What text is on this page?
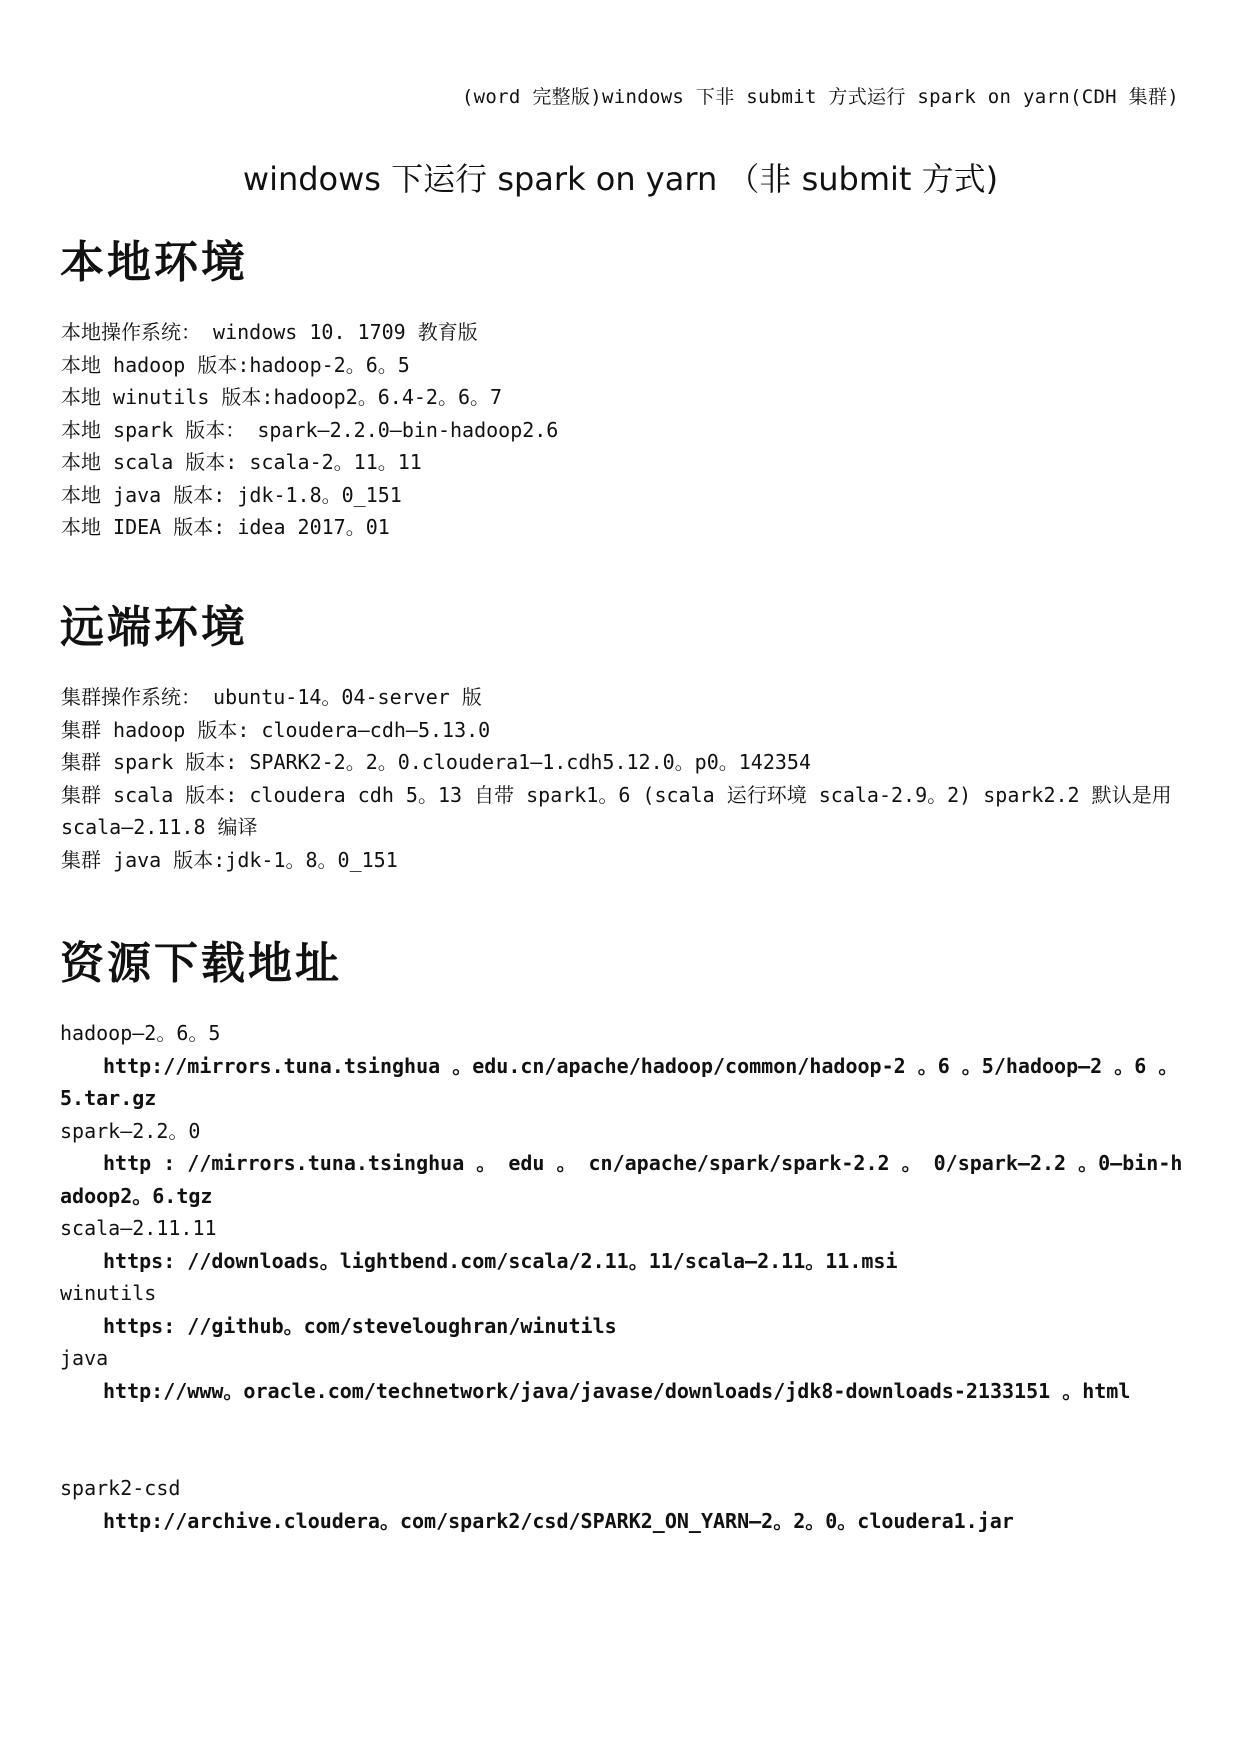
(word 完整版)windows 下非 submit 方式运行 spark on yarn(CDH 集群)
windows 下运行 spark on yarn （非 submit 方式)
本地环境
本地操作系统： windows 10. 1709 教育版
本地 hadoop 版本:hadoop-2。6。5
本地 winutils 版本:hadoop2。6.4-2。6。7
本地 spark 版本： spark—2.2.0—bin-hadoop2.6
本地 scala 版本: scala-2。11。11
本地 java 版本: jdk-1.8。0_151
本地 IDEA 版本: idea 2017。01
远端环境
集群操作系统： ubuntu-14。04-server 版
集群 hadoop 版本: cloudera—cdh—5.13.0
集群 spark 版本: SPARK2-2。2。0.cloudera1—1.cdh5.12.0。p0。142354
集群 scala 版本: cloudera cdh 5。13 自带 spark1。6 (scala 运行环境 scala-2.9。2) spark2.2 默认是用 scala—2.11.8 编译
集群 java 版本:jdk-1。8。0_151
资源下载地址
hadoop—2。6。5
http://mirrors.tuna.tsinghua 。edu.cn/apache/hadoop/common/hadoop-2 。6 。5/hadoop—2 。6 。5.tar.gz
spark—2.2。0
http : //mirrors.tuna.tsinghua 。 edu 。 cn/apache/spark/spark-2.2 。 0/spark—2.2 。0—bin-hadoop2。6.tgz
scala—2.11.11
https: //downloads。lightbend.com/scala/2.11。11/scala—2.11。11.msi
winutils
https: //github。com/steveloughran/winutils
java
http://www。oracle.com/technetwork/java/javase/downloads/jdk8-downloads-2133151 。html
spark2-csd
http://archive.cloudera。com/spark2/csd/SPARK2_ON_YARN—2。2。0。cloudera1.jar
